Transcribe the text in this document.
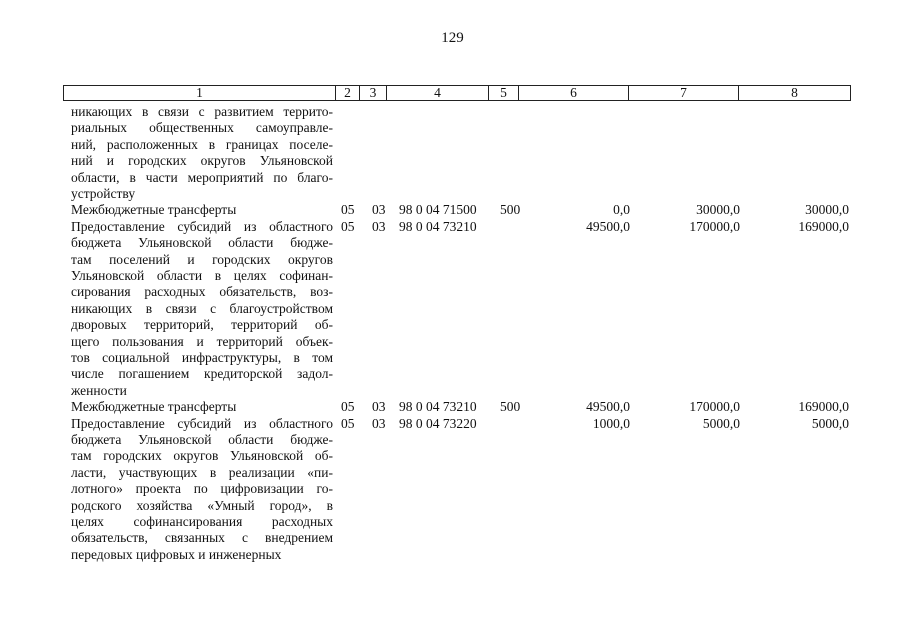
129
1	2	3	4	5	6	7	8
никающих в связи с развитием террито-
риальных общественных самоуправле-
ний, расположенных в границах поселе-
ний и городских округов Ульяновской
области, в части мероприятий по благо-
устройству
Межбюджетные трансферты	05 03 98 0 04 71500 500	0,0	30000,0	30000,0
Предоставление субсидий из областного
бюджета Ульяновской области бюдже-
там поселений и городских округов
Ульяновской области в целях софинан-
сирования расходных обязательств, воз-
никающих в связи с благоустройством
дворовых территорий, территорий об-
щего пользования и территорий объек-
тов социальной инфраструктуры, в том
числе погашением кредиторской задол-
женности
05 03 98 0 04 73210	49500,0	170000,0	169000,0
Межбюджетные трансферты	05 03 98 0 04 73210 500	49500,0	170000,0	169000,0
Предоставление субсидий из областного
бюджета Ульяновской области бюдже-
там городских округов Ульяновской об-
ласти, участвующих в реализации «пи-
лотного» проекта по цифровизации го-
родского хозяйства «Умный город», в
целях софинансирования расходных
обязательств, связанных с внедрением
передовых цифровых и инженерных
05 03 98 0 04 73220	1000,0	5000,0	5000,0
